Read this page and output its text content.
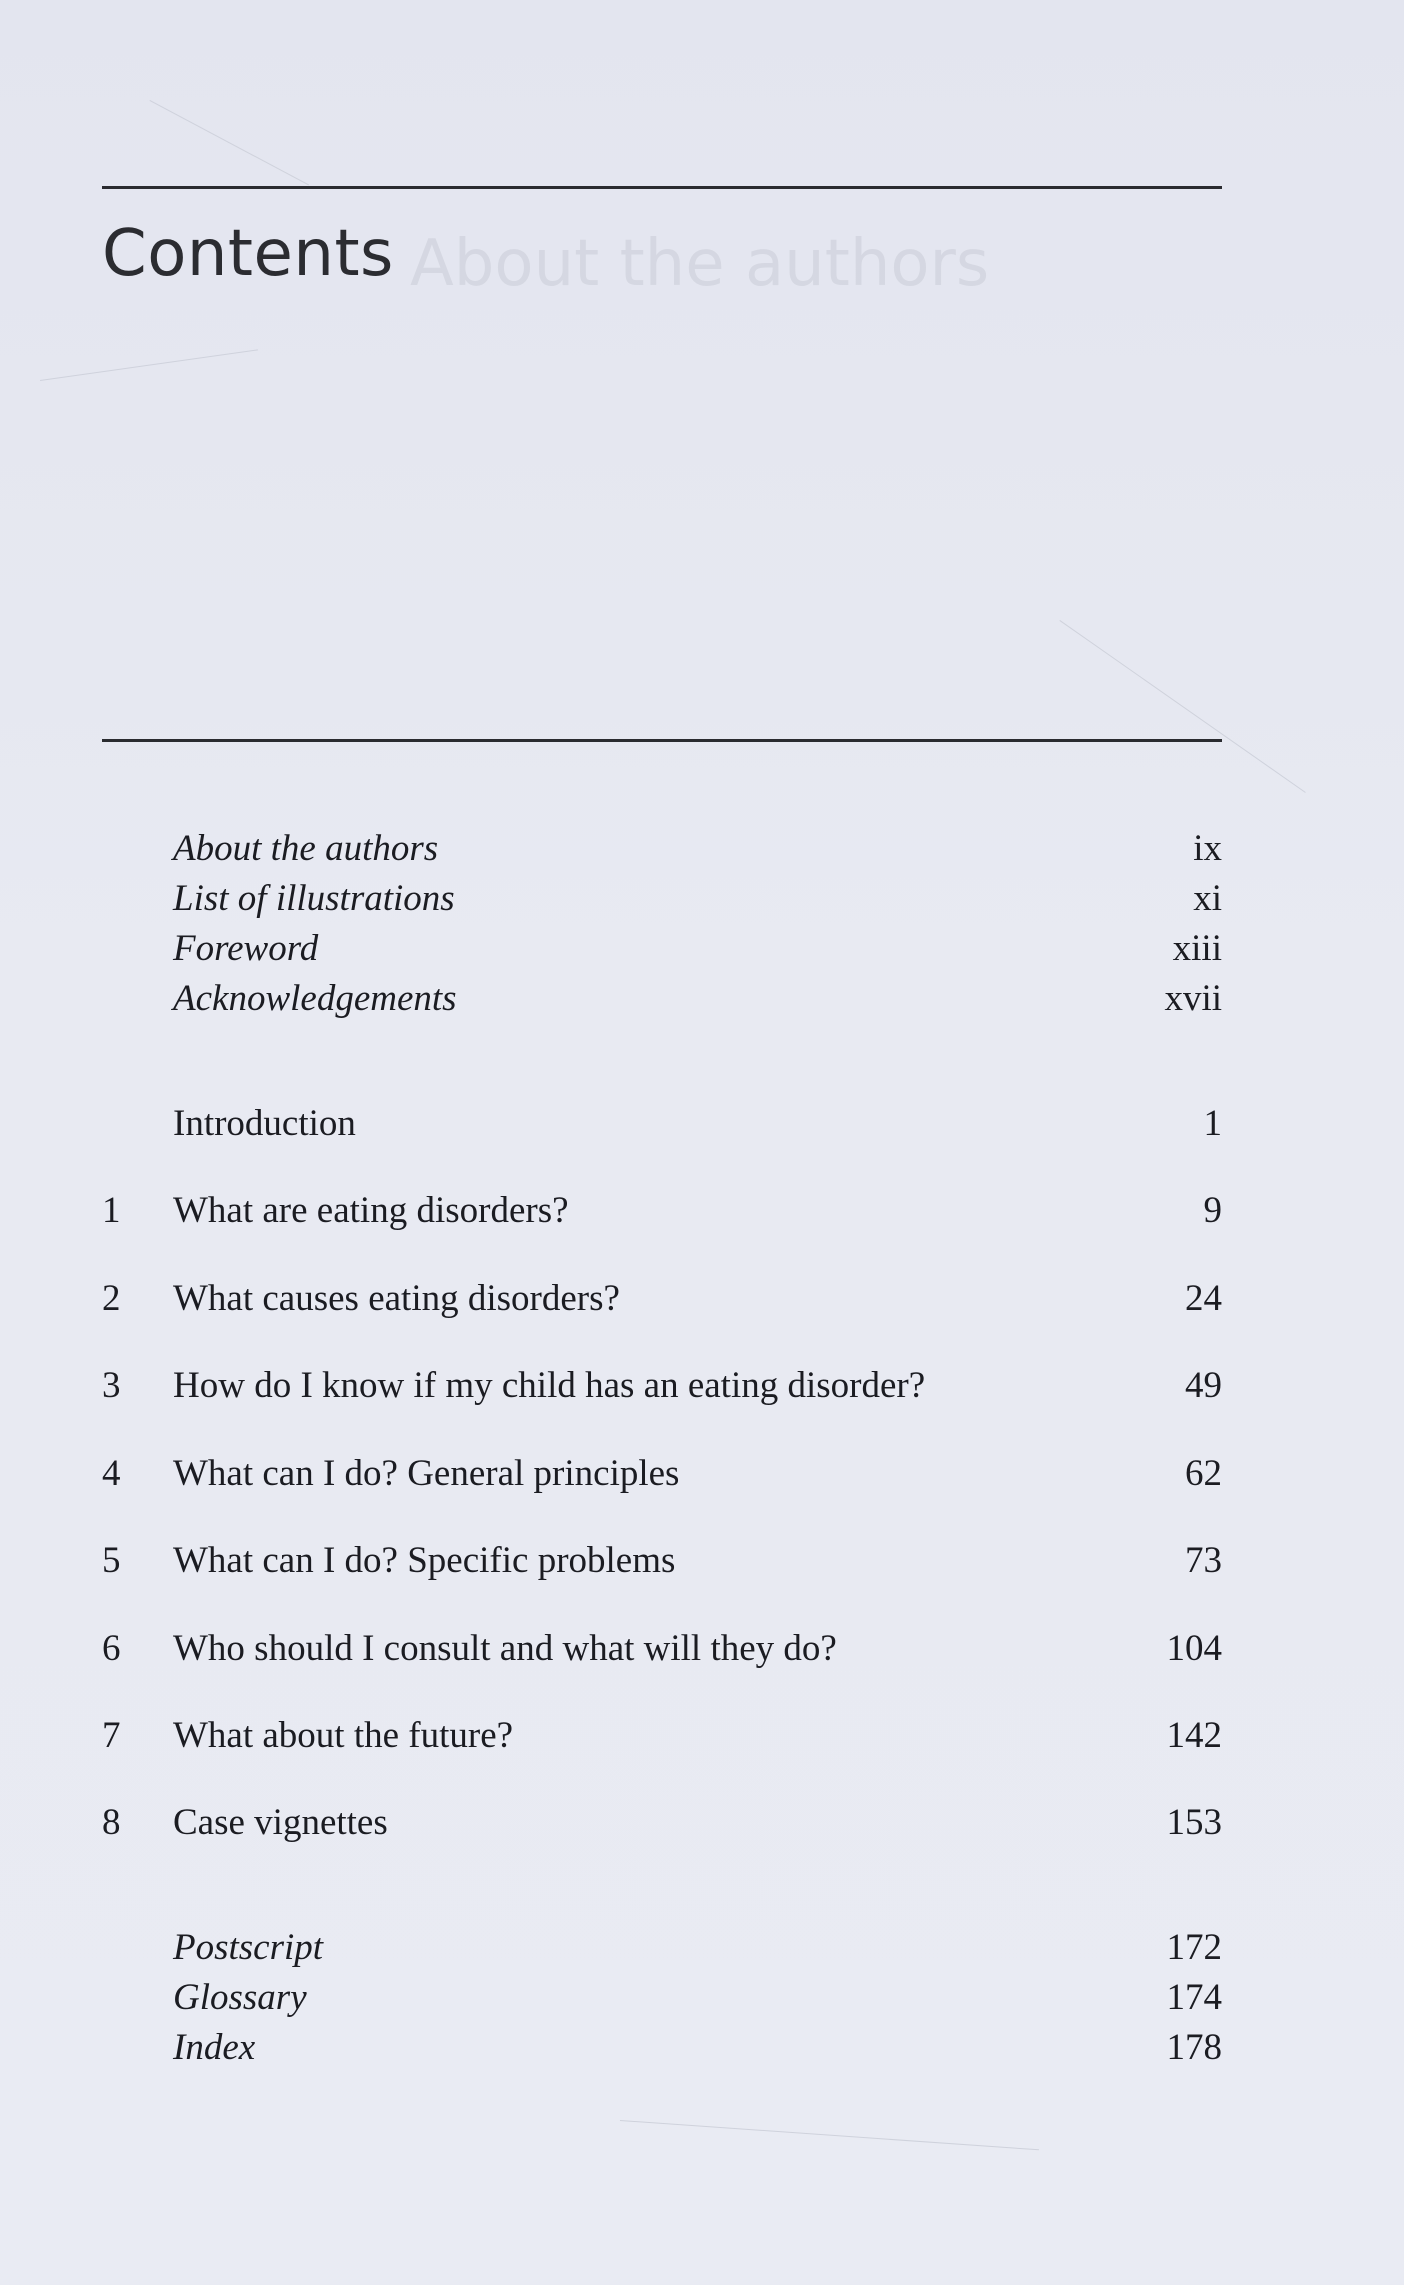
About the authors
Contents
About the authors	ix
List of illustrations	xi
Foreword	xiii
Acknowledgements	xvii
Introduction	1
1	What are eating disorders?	9
2	What causes eating disorders?	24
3	How do I know if my child has an eating disorder?	49
4	What can I do? General principles	62
5	What can I do? Specific problems	73
6	Who should I consult and what will they do?	104
7	What about the future?	142
8	Case vignettes	153
Postscript	172
Glossary	174
Index	178
